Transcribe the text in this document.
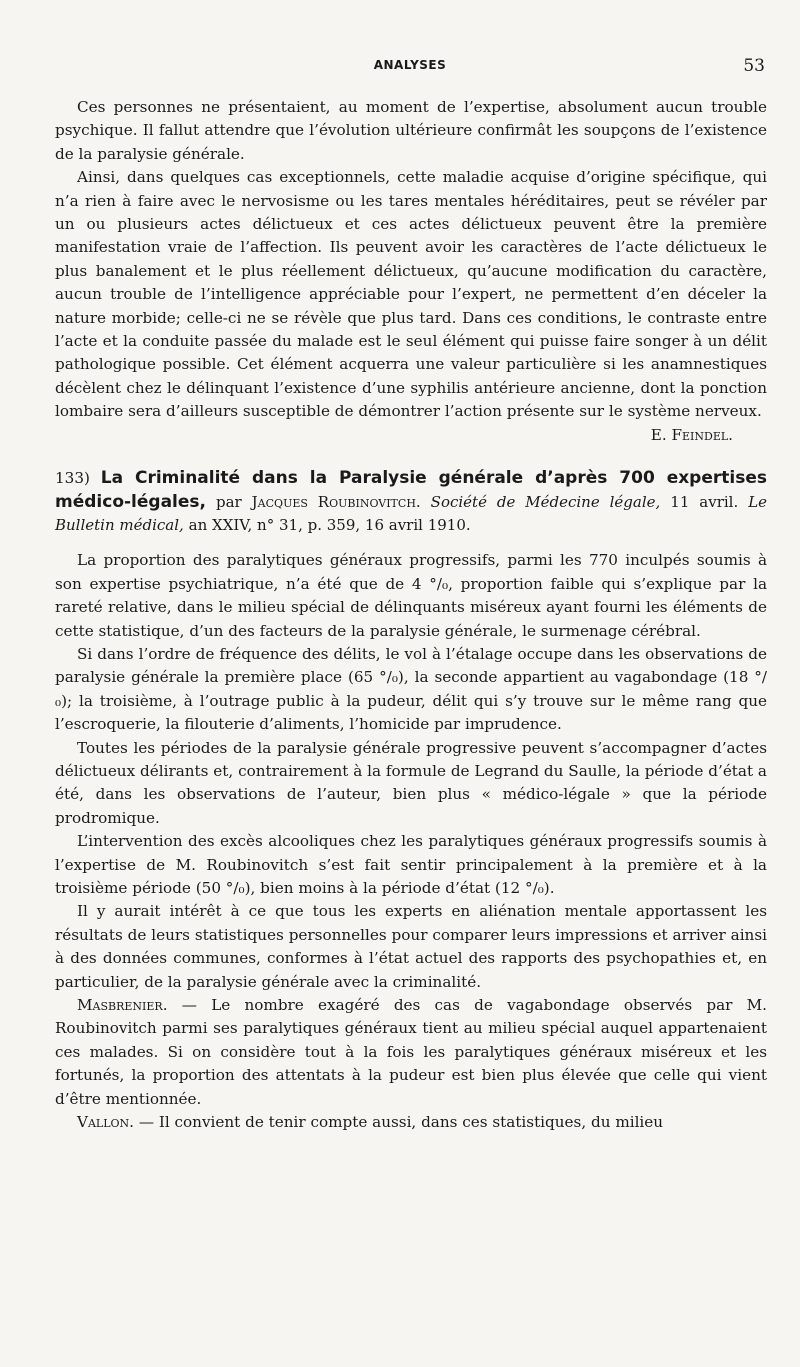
ANALYSES	53

Ces personnes ne présentaient, au moment de l’expertise, absolument aucun trouble psychique. Il fallut attendre que l’évolution ultérieure confirmât les soupçons de l’existence de la paralysie générale.

Ainsi, dans quelques cas exceptionnels, cette maladie acquise d’origine spécifique, qui n’a rien à faire avec le nervosisme ou les tares mentales héréditaires, peut se révéler par un ou plusieurs actes délictueux et ces actes délictueux peuvent être la première manifestation vraie de l’affection. Ils peuvent avoir les caractères de l’acte délictueux le plus banalement et le plus réellement délictueux, qu’aucune modification du caractère, aucun trouble de l’intelligence appréciable pour l’expert, ne permettent d’en déceler la nature morbide; celle-ci ne se révèle que plus tard. Dans ces conditions, le contraste entre l’acte et la conduite passée du malade est le seul élément qui puisse faire songer à un délit pathologique possible. Cet élément acquerra une valeur particulière si les anamnestiques décèlent chez le délinquant l’existence d’une syphilis antérieure ancienne, dont la ponction lombaire sera d’ailleurs susceptible de démontrer l’action présente sur le système nerveux.
E. Feindel.

133) La Criminalité dans la Paralysie générale d’après 700 expertises médico-légales, par Jacques Roubinovitch. Société de Médecine légale, 11 avril. Le Bulletin médical, an XXIV, n° 31, p. 359, 16 avril 1910.

La proportion des paralytiques généraux progressifs, parmi les 770 inculpés soumis à son expertise psychiatrique, n’a été que de 4 °/₀, proportion faible qui s’explique par la rareté relative, dans le milieu spécial de délinquants miséreux ayant fourni les éléments de cette statistique, d’un des facteurs de la paralysie générale, le surmenage cérébral.

Si dans l’ordre de fréquence des délits, le vol à l’étalage occupe dans les observations de paralysie générale la première place (65 °/₀), la seconde appartient au vagabondage (18 °/₀); la troisième, à l’outrage public à la pudeur, délit qui s’y trouve sur le même rang que l’escroquerie, la filouterie d’aliments, l’homicide par imprudence.

Toutes les périodes de la paralysie générale progressive peuvent s’accompagner d’actes délictueux délirants et, contrairement à la formule de Legrand du Saulle, la période d’état a été, dans les observations de l’auteur, bien plus « médico-légale » que la période prodromique.

L’intervention des excès alcooliques chez les paralytiques généraux progressifs soumis à l’expertise de M. Roubinovitch s’est fait sentir principalement à la première et à la troisième période (50 °/₀), bien moins à la période d’état (12 °/₀).

Il y aurait intérêt à ce que tous les experts en aliénation mentale apportassent les résultats de leurs statistiques personnelles pour comparer leurs impressions et arriver ainsi à des données communes, conformes à l’état actuel des rapports des psychopathies et, en particulier, de la paralysie générale avec la criminalité.

Masbrenier. — Le nombre exagéré des cas de vagabondage observés par M. Roubinovitch parmi ses paralytiques généraux tient au milieu spécial auquel appartenaient ces malades. Si on considère tout à la fois les paralytiques généraux miséreux et les fortunés, la proportion des attentats à la pudeur est bien plus élevée que celle qui vient d’être mentionnée.

Vallon. — Il convient de tenir compte aussi, dans ces statistiques, du milieu
